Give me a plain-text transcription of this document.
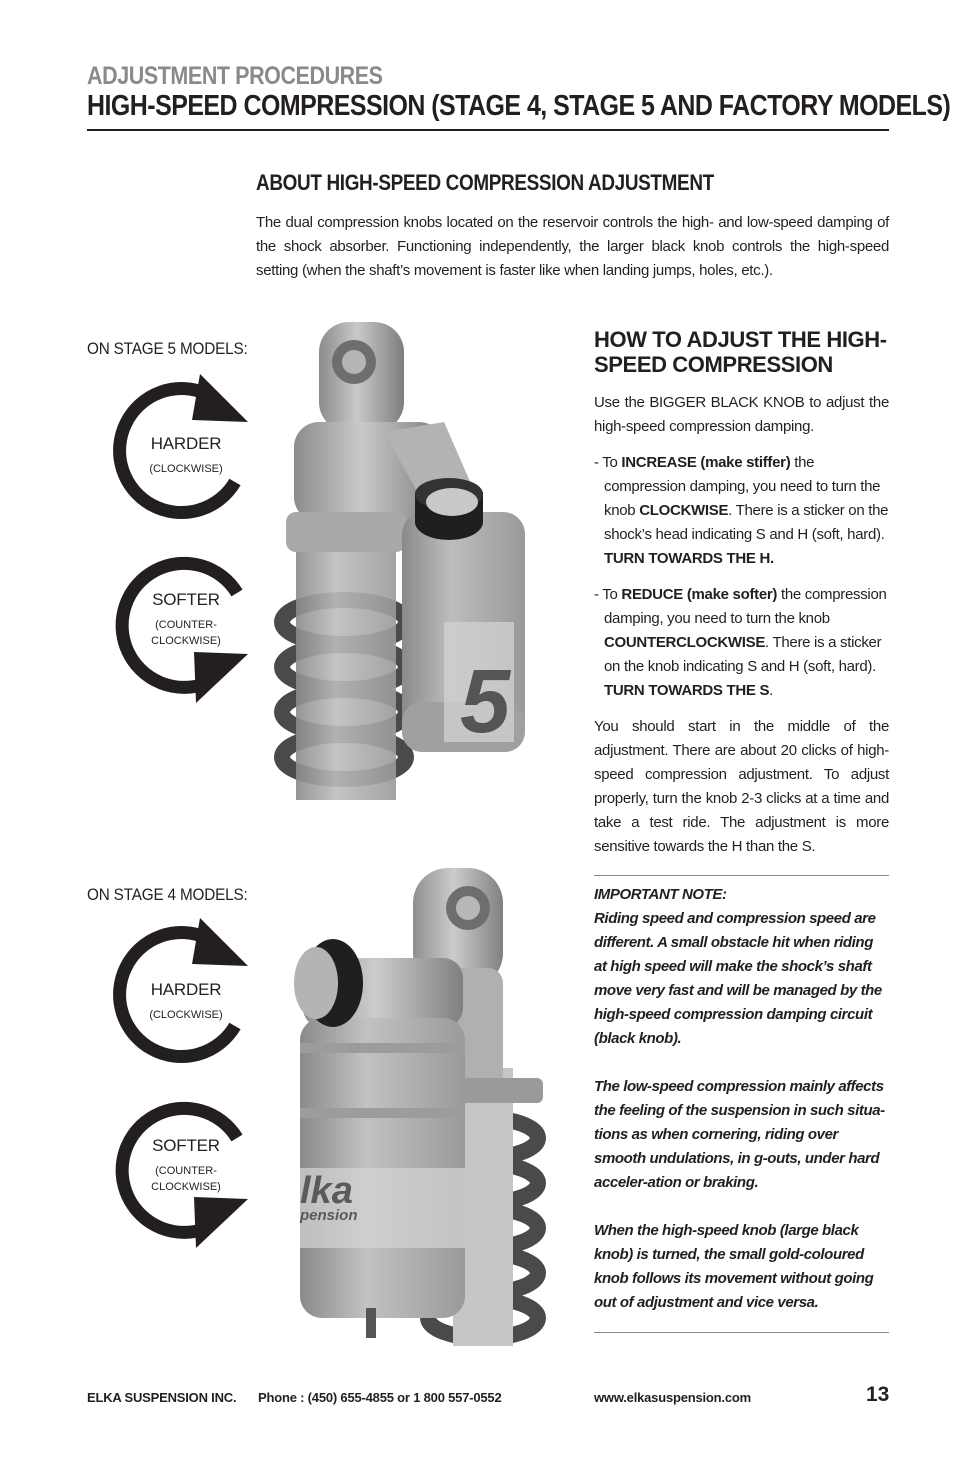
ADJUSTMENT PROCEDURES
HIGH-SPEED COMPRESSION (STAGE 4, STAGE 5 AND FACTORY MODELS)
ABOUT HIGH-SPEED COMPRESSION ADJUSTMENT
The dual compression knobs located on the reservoir controls the high- and low-speed damping of the shock absorber. Functioning independently, the larger black knob controls the high-speed setting (when the shaft’s movement is faster like when landing jumps, holes, etc.).
ON STAGE 5 MODELS:
HARDER
(CLOCKWISE)
SOFTER
(COUNTER-
CLOCKWISE)
5
ON STAGE 4 MODELS:
HARDER
(CLOCKWISE)
SOFTER
(COUNTER-
CLOCKWISE)	lka
pension
HOW TO ADJUST THE HIGH-SPEED COMPRESSION
Use the BIGGER BLACK KNOB to adjust the high-speed compression damping.
- To INCREASE (make stiffer) the compression damping, you need to turn the knob CLOCKWISE. There is a sticker on the shock’s head indicating S and H (soft, hard). TURN TOWARDS THE H.
- To REDUCE (make softer) the compression damping, you need to turn the knob COUNTERCLOCKWISE. There is a sticker on the knob indicating S and H (soft, hard). TURN TOWARDS THE S.
You should start in the middle of the adjustment. There are about 20 clicks of high-speed compression adjustment. To adjust properly, turn the knob 2-3 clicks at a time and take a test ride. The adjustment is more sensitive towards the H than the S.
IMPORTANT NOTE:

Riding speed and compression speed are different. A small obstacle hit when riding at high speed will make the shock’s shaft move very fast and will be managed by the high-speed compression damping circuit (black knob).

The low-speed compression mainly affects the feeling of the suspension in such situa-tions as when cornering, riding over smooth undulations, in g-outs, under hard acceler-ation or braking.

When the high-speed knob (large black knob) is turned, the small gold-coloured knob follows its movement without going out of adjustment and vice versa.

ELKA SUSPENSION INC. Phone : (450) 655-4855 or 1 800 557-0552	www.elkasuspension.com	13
